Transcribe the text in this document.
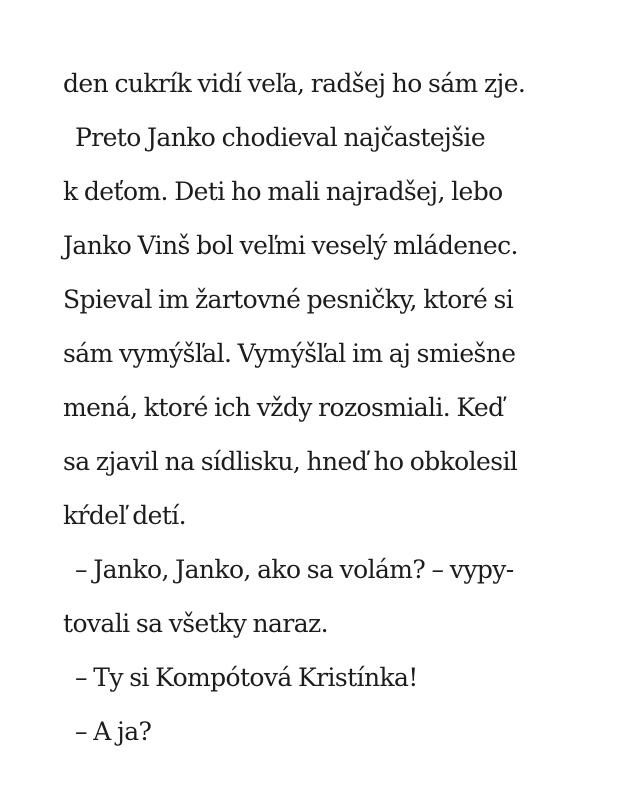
den cukrík vidí veľa, radšej ho sám zje.
Preto Janko chodieval najčastejšie
k deťom. Deti ho mali najradšej, lebo
Janko Vinš bol veľmi veselý mládenec.
Spieval im žartovné pesničky, ktoré si
sám vymýšľal. Vymýšľal im aj smiešne
mená, ktoré ich vždy rozosmiali. Keď
sa zjavil na sídlisku, hneď ho obkolesil
kŕdeľ detí.
– Janko, Janko, ako sa volám? – vypy-
tovali sa všetky naraz.
– Ty si Kompótová Kristínka!
– A ja?
